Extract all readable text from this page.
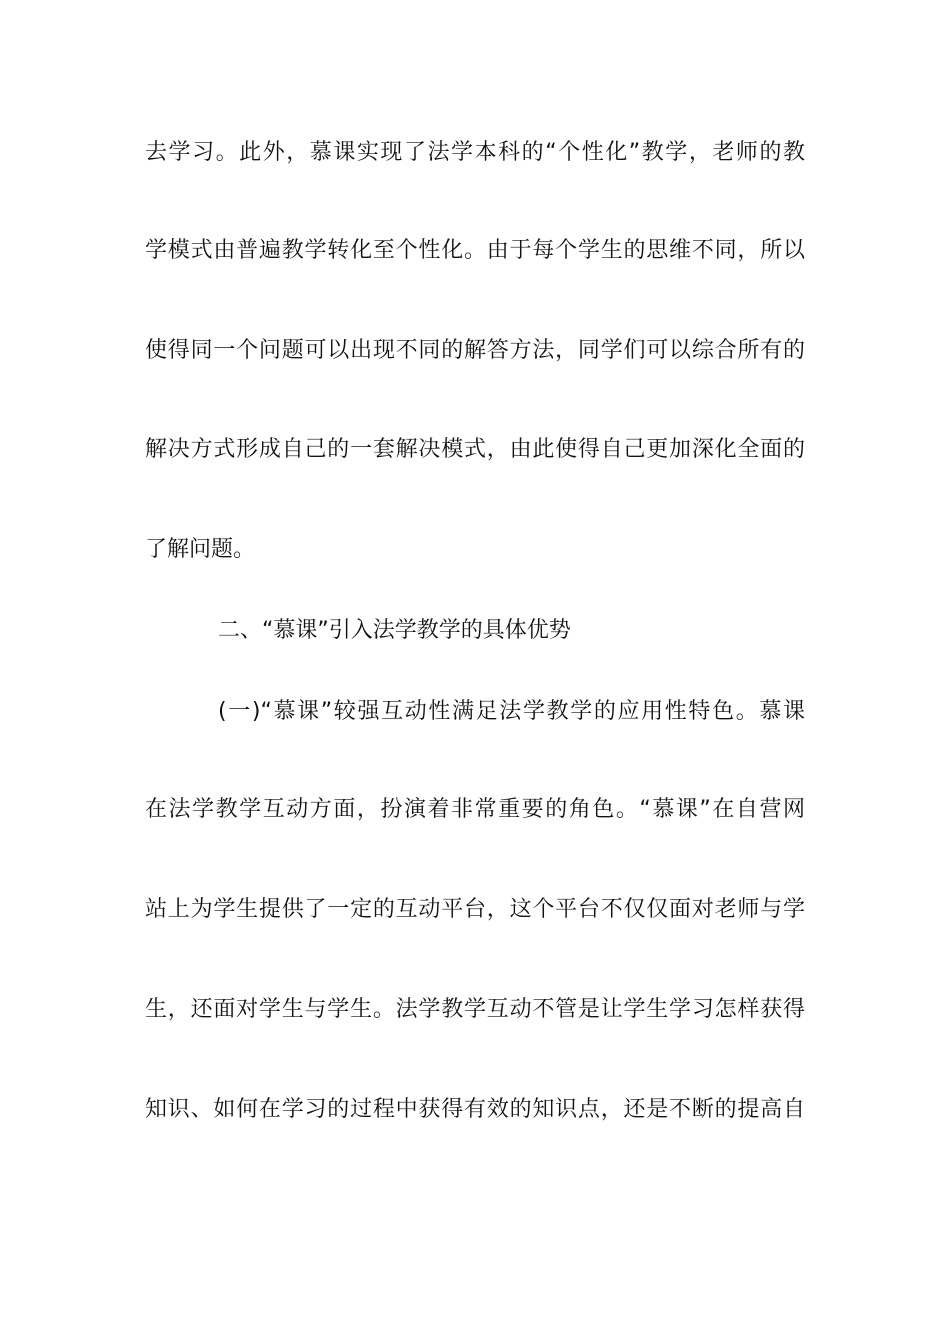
去学习。此外，慕课实现了法学本科的“个性化”教学，老师的教
学模式由普遍教学转化至个性化。由于每个学生的思维不同，所以
使得同一个问题可以出现不同的解答方法，同学们可以综合所有的
解决方式形成自己的一套解决模式，由此使得自己更加深化全面的
了解问题。
二、“慕课”引入法学教学的具体优势
(一)“慕课”较强互动性满足法学教学的应用性特色。慕课
在法学教学互动方面，扮演着非常重要的角色。“慕课”在自营网
站上为学生提供了一定的互动平台，这个平台不仅仅面对老师与学
生，还面对学生与学生。法学教学互动不管是让学生学习怎样获得
知识、如何在学习的过程中获得有效的知识点，还是不断的提高自
